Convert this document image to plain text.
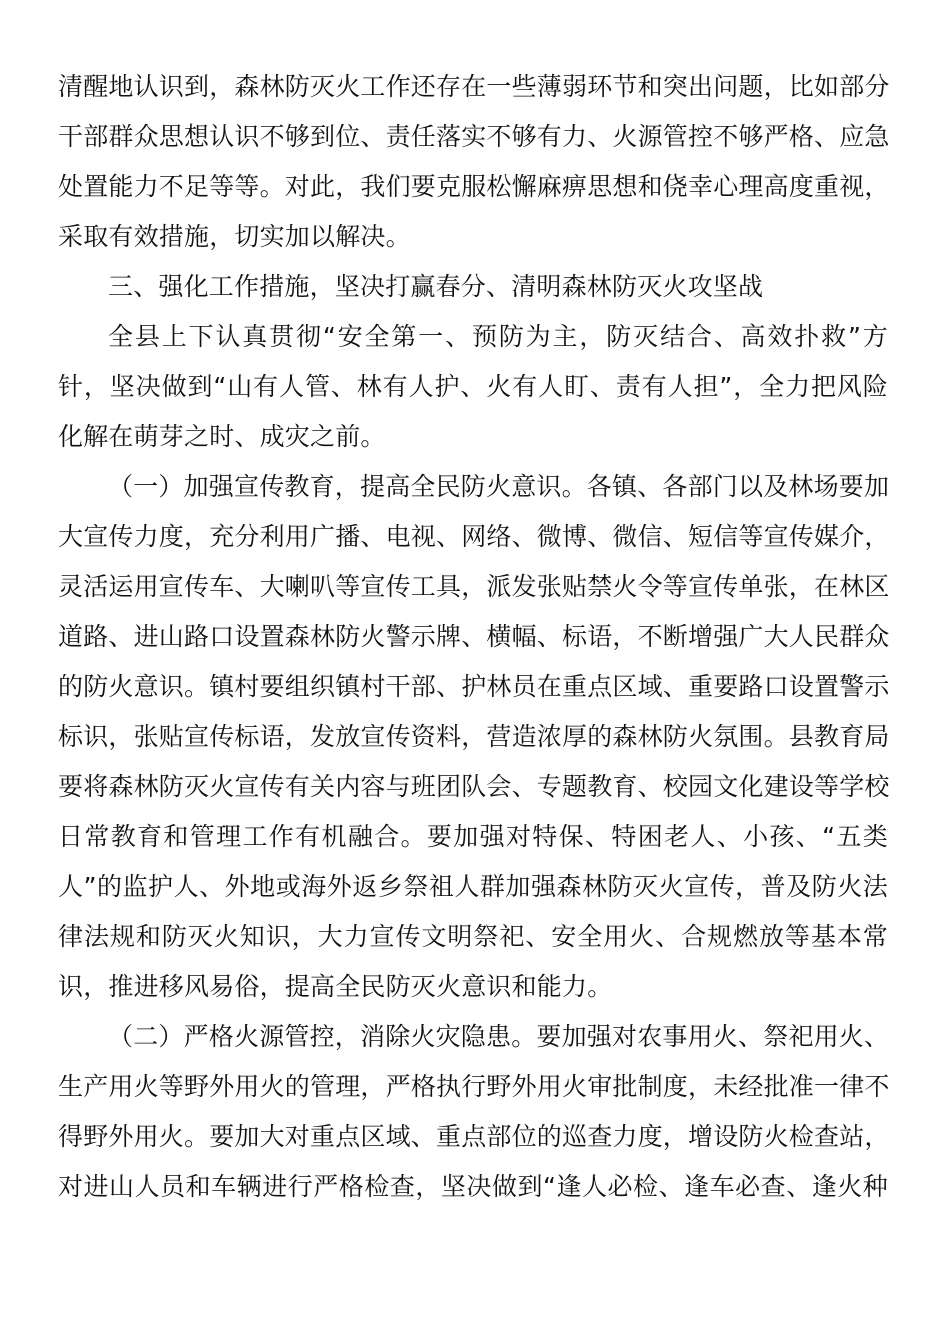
清醒地认识到，森林防灭火工作还存在一些薄弱环节和突出问题，比如部分
干部群众思想认识不够到位、责任落实不够有力、火源管控不够严格、应急
处置能力不足等等。对此，我们要克服松懈麻痹思想和侥幸心理高度重视，
采取有效措施，切实加以解决。
三、强化工作措施，坚决打赢春分、清明森林防灭火攻坚战
全县上下认真贯彻“安全第一、预防为主，防灭结合、高效扑救”方
针，坚决做到“山有人管、林有人护、火有人盯、责有人担”，全力把风险
化解在萌芽之时、成灾之前。
（一）加强宣传教育，提高全民防火意识。各镇、各部门以及林场要加
大宣传力度，充分利用广播、电视、网络、微博、微信、短信等宣传媒介，
灵活运用宣传车、大喇叭等宣传工具，派发张贴禁火令等宣传单张，在林区
道路、进山路口设置森林防火警示牌、横幅、标语，不断增强广大人民群众
的防火意识。镇村要组织镇村干部、护林员在重点区域、重要路口设置警示
标识，张贴宣传标语，发放宣传资料，营造浓厚的森林防火氛围。县教育局
要将森林防灭火宣传有关内容与班团队会、专题教育、校园文化建设等学校
日常教育和管理工作有机融合。要加强对特保、特困老人、小孩、“五类
人”的监护人、外地或海外返乡祭祖人群加强森林防灭火宣传，普及防火法
律法规和防灭火知识，大力宣传文明祭祀、安全用火、合规燃放等基本常
识，推进移风易俗，提高全民防灭火意识和能力。
（二）严格火源管控，消除火灾隐患。要加强对农事用火、祭祀用火、
生产用火等野外用火的管理，严格执行野外用火审批制度，未经批准一律不
得野外用火。要加大对重点区域、重点部位的巡查力度，增设防火检查站，
对进山人员和车辆进行严格检查，坚决做到“逢人必检、逢车必查、逢火种
